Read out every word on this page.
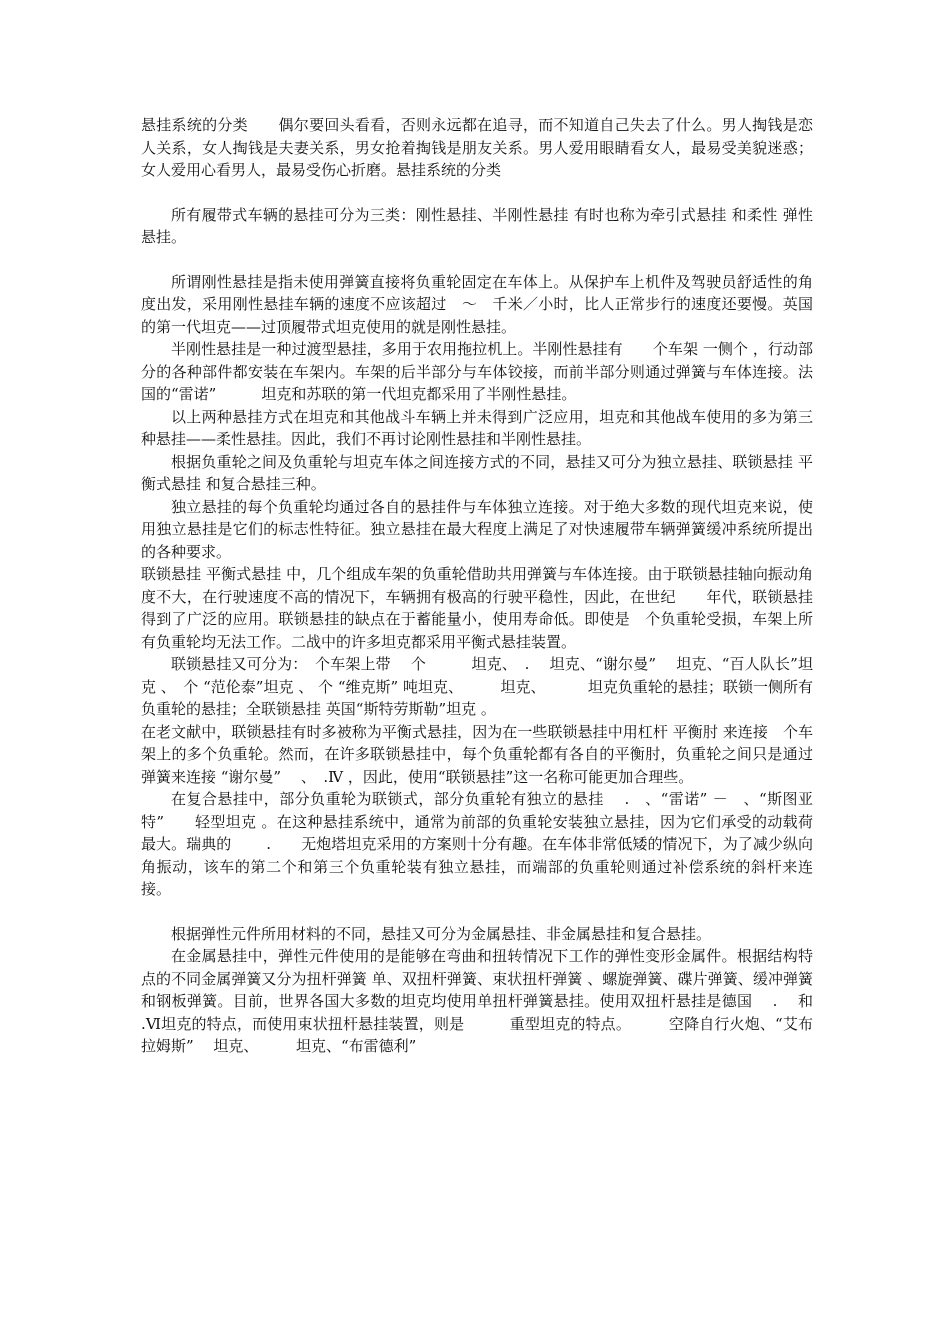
悬挂系统的分类　　偶尔要回头看看，否则永远都在追寻，而不知道自己失去了什么。男人掏钱是恋人关系，女人掏钱是夫妻关系，男女抢着掏钱是朋友关系。男人爱用眼睛看女人，最易受美貌迷惑；女人爱用心看男人，最易受伤心折磨。悬挂系统的分类

所有履带式车辆的悬挂可分为三类：刚性悬挂、半刚性悬挂 有时也称为牵引式悬挂 和柔性 弹性 悬挂。

所谓刚性悬挂是指未使用弹簧直接将负重轮固定在车体上。从保护车上机件及驾驶员舒适性的角度出发，采用刚性悬挂车辆的速度不应该超过　～　千米／小时，比人正常步行的速度还要慢。英国的第一代坦克——过顶履带式坦克使用的就是刚性悬挂。

半刚性悬挂是一种过渡型悬挂，多用于农用拖拉机上。半刚性悬挂有　　个车架 一侧个 ，行动部分的各种部件都安装在车架内。车架的后半部分与车体铰接，而前半部分则通过弹簧与车体连接。法国的“雷诺”　　　坦克和苏联的第一代坦克都采用了半刚性悬挂。

以上两种悬挂方式在坦克和其他战斗车辆上并未得到广泛应用，坦克和其他战车使用的多为第三种悬挂——柔性悬挂。因此，我们不再讨论刚性悬挂和半刚性悬挂。

根据负重轮之间及负重轮与坦克车体之间连接方式的不同，悬挂又可分为独立悬挂、联锁悬挂 平衡式悬挂 和复合悬挂三种。

独立悬挂的每个负重轮均通过各自的悬挂件与车体独立连接。对于绝大多数的现代坦克来说，使用独立悬挂是它们的标志性特征。独立悬挂在最大程度上满足了对快速履带车辆弹簧缓冲系统所提出的各种要求。

联锁悬挂 平衡式悬挂 中，几个组成车架的负重轮借助共用弹簧与车体连接。由于联锁悬挂轴向振动角度不大，在行驶速度不高的情况下，车辆拥有极高的行驶平稳性，因此，在世纪　　年代，联锁悬挂得到了广泛的应用。联锁悬挂的缺点在于蓄能量小，使用寿命低。即使是　个负重轮受损，车架上所有负重轮均无法工作。二战中的许多坦克都采用平衡式悬挂装置。

联锁悬挂又可分为：　个车架上带　 个　　　坦克、　.　 坦克、“谢尔曼”　 坦克、“百人队长”坦克 、　个 “范伦泰”坦克 、 个 “维克斯” 吨坦克、　　　坦克、　　　 坦克负重轮的悬挂；联锁一侧所有负重轮的悬挂；全联锁悬挂 英国“斯特劳斯勒”坦克 。

在老文献中，联锁悬挂有时多被称为平衡式悬挂，因为在一些联锁悬挂中用杠杆 平衡肘 来连接　个车架上的多个负重轮。然而，在许多联锁悬挂中，每个负重轮都有各自的平衡肘，负重轮之间只是通过弹簧来连接 “谢尔曼”　 、　.Ⅳ ，因此，使用“联锁悬挂”这一名称可能更加合理些。

在复合悬挂中，部分负重轮为联锁式，部分负重轮有独立的悬挂　 .　、“雷诺” －　、“斯图亚特”　　轻型坦克 。在这种悬挂系统中，通常为前部的负重轮安装独立悬挂，因为它们承受的动载荷最大。瑞典的　　 .　　无炮塔坦克采用的方案则十分有趣。在车体非常低矮的情况下，为了减少纵向角振动，该车的第二个和第三个负重轮装有独立悬挂，而端部的负重轮则通过补偿系统的斜杆来连接。

根据弹性元件所用材料的不同，悬挂又可分为金属悬挂、非金属悬挂和复合悬挂。

在金属悬挂中，弹性元件使用的是能够在弯曲和扭转情况下工作的弹性变形金属件。根据结构特点的不同金属弹簧又分为扭杆弹簧 单、双扭杆弹簧、束状扭杆弹簧 、螺旋弹簧、碟片弹簧、缓冲弹簧和钢板弹簧。目前，世界各国大多数的坦克均使用单扭杆弹簧悬挂。使用双扭杆悬挂是德国　 .　 和　 .Ⅵ坦克的特点，而使用束状扭杆悬挂装置，则是　　　重型坦克的特点。　　　空降自行火炮、“艾布拉姆斯”　 坦克、　　　坦克、“布雷德利”
